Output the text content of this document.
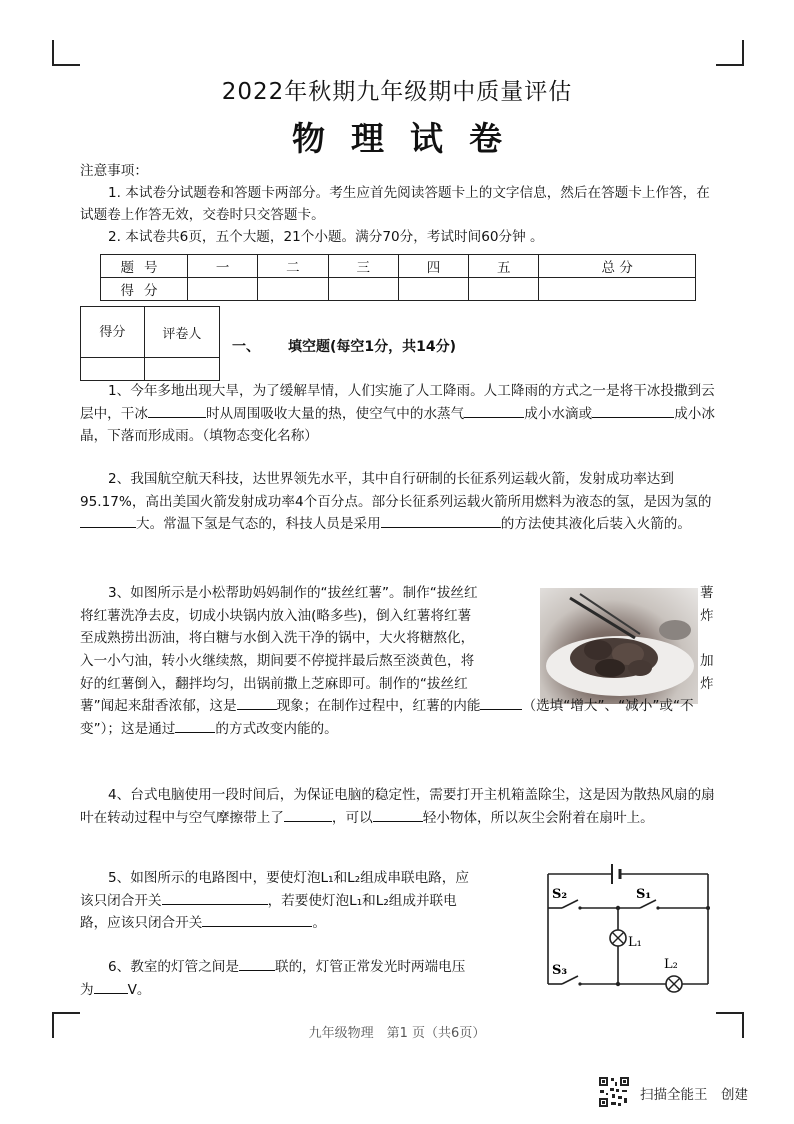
2022年秋期九年级期中质量评估
物理试卷

注意事项：

1. 本试卷分试题卷和答题卡两部分。考生应首先阅读答题卡上的文字信息，然后在答题卡上作答，在试题卷上作答无效，交卷时只交答题卡。

2. 本试卷共6页，五个大题，21个小题。满分70分，考试时间60分钟 。

题号	一	二	三	四	五	总 分
得分						
得分	评卷人

一、 填空题(每空1分，共14分)

1、今年多地出现大旱，为了缓解旱情，人们实施了人工降雨。人工降雨的方式之一是将干冰投撒到云层中，干冰	时从周围吸收大量的热，使空气中的水蒸气	成小水滴或	成小冰晶，下落而形成雨。（填物态变化名称）

2、我国航空航天科技，达世界领先水平，其中自行研制的长征系列运载火箭，发射成功率达到95.17%，高出美国火箭发射成功率4个百分点。部分长征系列运载火箭所用燃料为液态的氢，是因为氢的大。常温下氢是气态的，科技人员是采用	的方法使其液化后装入火箭的。

3、如图所示是小松帮助妈妈制作的“拔丝红薯”。制作“拔丝红
将红薯洗净去皮，切成小块锅内放入油(略多些)，倒入红薯将红薯
至成熟捞出沥油，将白糖与水倒入洗干净的锅中，大火将糖熬化，
入一小勺油，转小火继续熬，期间要不停搅拌最后熬至淡黄色，将
好的红薯倒入，翻拌均匀，出锅前撒上芝麻即可。制作的“拔丝红
薯
炸

加
炸

薯”闻起来甜香浓郁，这是	现象；在制作过程中，红薯的内能	（选填“增大”、“减小”或“不变”）；这是通过	的方式改变内能的。

4、台式电脑使用一段时间后，为保证电脑的稳定性，需要打开主机箱盖除尘，这是因为散热风扇的扇叶在转动过程中与空气摩擦带上了	，可以	轻小物体，所以灰尘会附着在扇叶上。

5、如图所示的电路图中，要使灯泡L₁和L₂组成串联电路，应
该只闭合开关	，若要使灯泡L₁和L₂组成并联电
路，应该只闭合开关	。
6、教室的灯管之间是	联的，灯管正常发光时两端电压
为	V。
S₂	S₁
L₁
L₂
S₃
九年级物理　第1 页（共6页）
扫描全能王　创建
